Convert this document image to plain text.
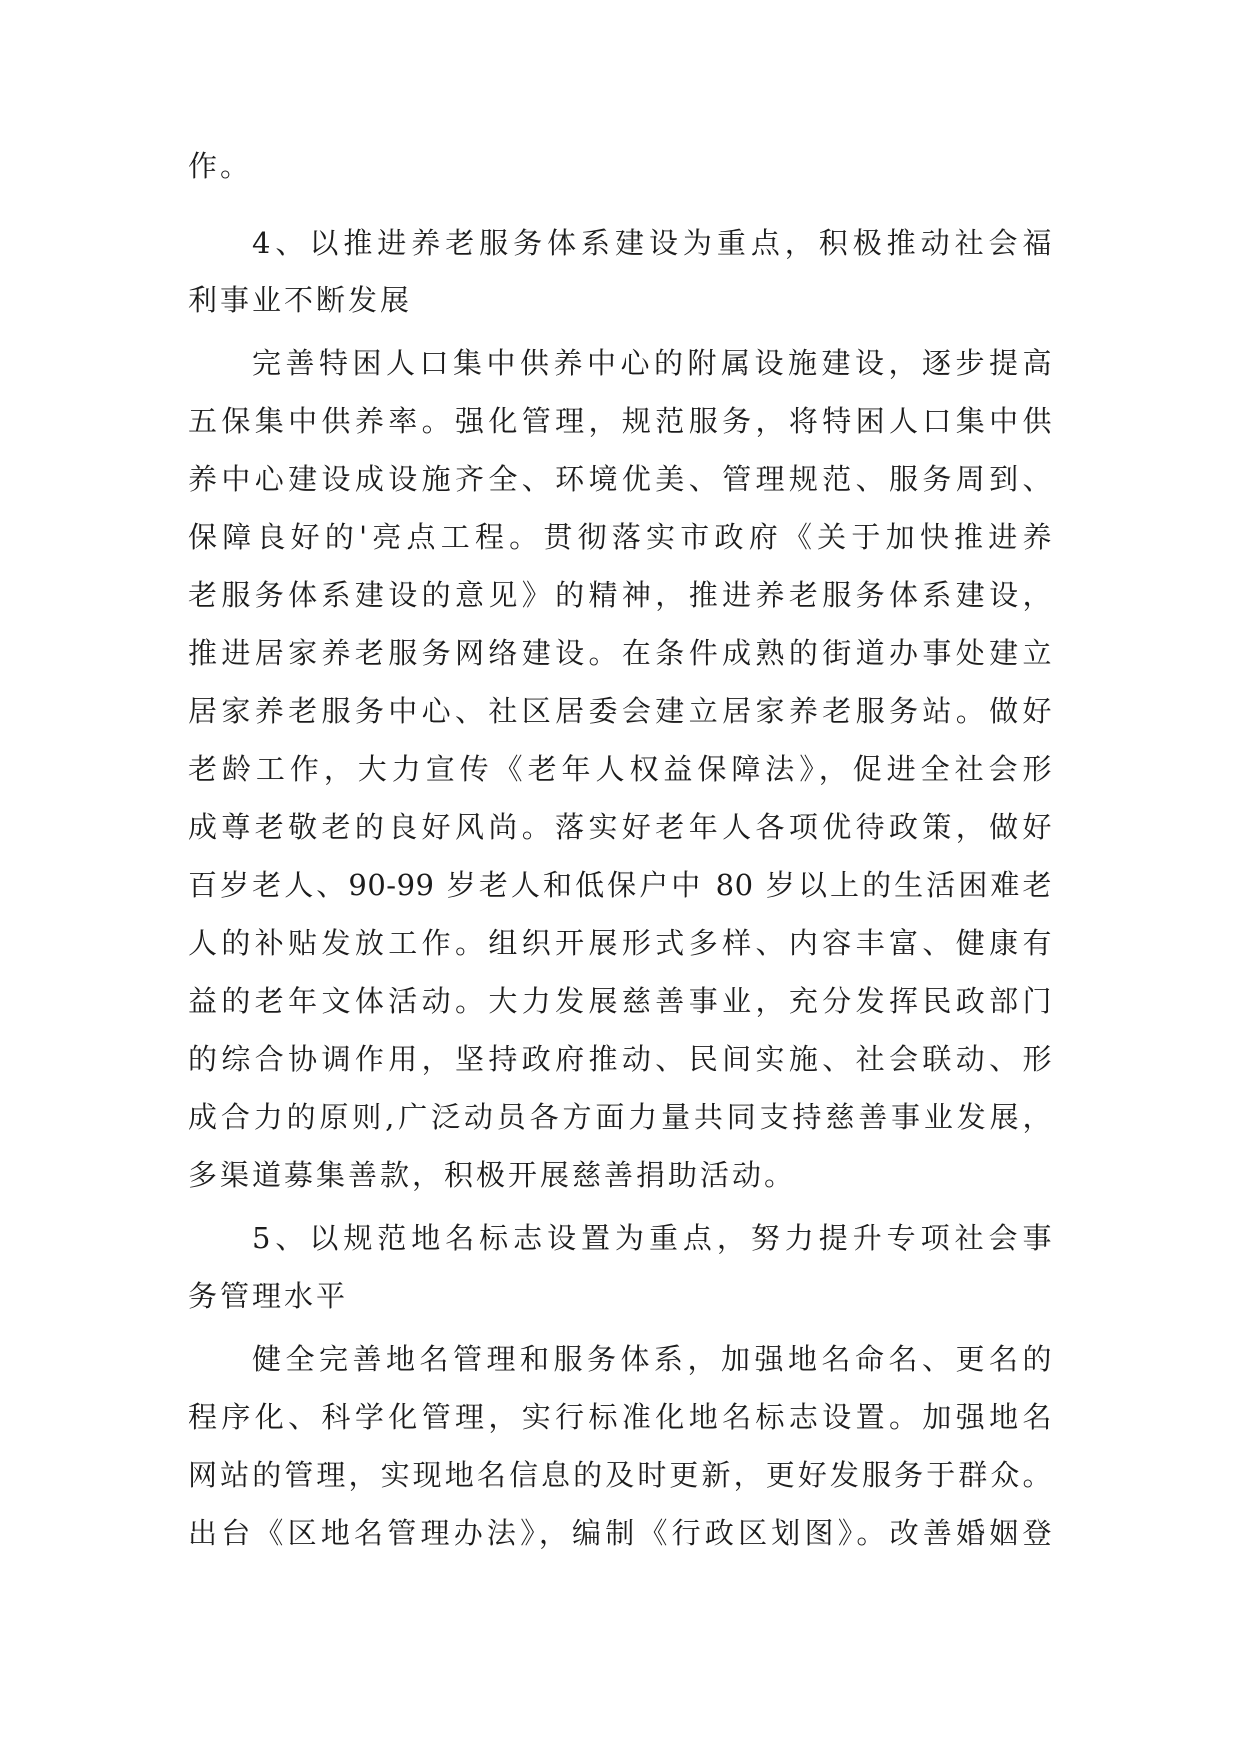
作。
4、以推进养老服务体系建设为重点，积极推动社会福
利事业不断发展
完善特困人口集中供养中心的附属设施建设，逐步提高
五保集中供养率。强化管理，规范服务，将特困人口集中供
养中心建设成设施齐全、环境优美、管理规范、服务周到、
保障良好的'亮点工程。贯彻落实市政府《关于加快推进养
老服务体系建设的意见》的精神，推进养老服务体系建设，
推进居家养老服务网络建设。在条件成熟的街道办事处建立
居家养老服务中心、社区居委会建立居家养老服务站。做好
老龄工作，大力宣传《老年人权益保障法》，促进全社会形
成尊老敬老的良好风尚。落实好老年人各项优待政策，做好
百岁老人、90-99 岁老人和低保户中 80 岁以上的生活困难老
人的补贴发放工作。组织开展形式多样、内容丰富、健康有
益的老年文体活动。大力发展慈善事业，充分发挥民政部门
的综合协调作用，坚持政府推动、民间实施、社会联动、形
成合力的原则,广泛动员各方面力量共同支持慈善事业发展，
多渠道募集善款，积极开展慈善捐助活动。
5、以规范地名标志设置为重点，努力提升专项社会事
务管理水平
健全完善地名管理和服务体系，加强地名命名、更名的
程序化、科学化管理，实行标准化地名标志设置。加强地名
网站的管理，实现地名信息的及时更新，更好发服务于群众。
出台《区地名管理办法》，编制《行政区划图》。改善婚姻登
